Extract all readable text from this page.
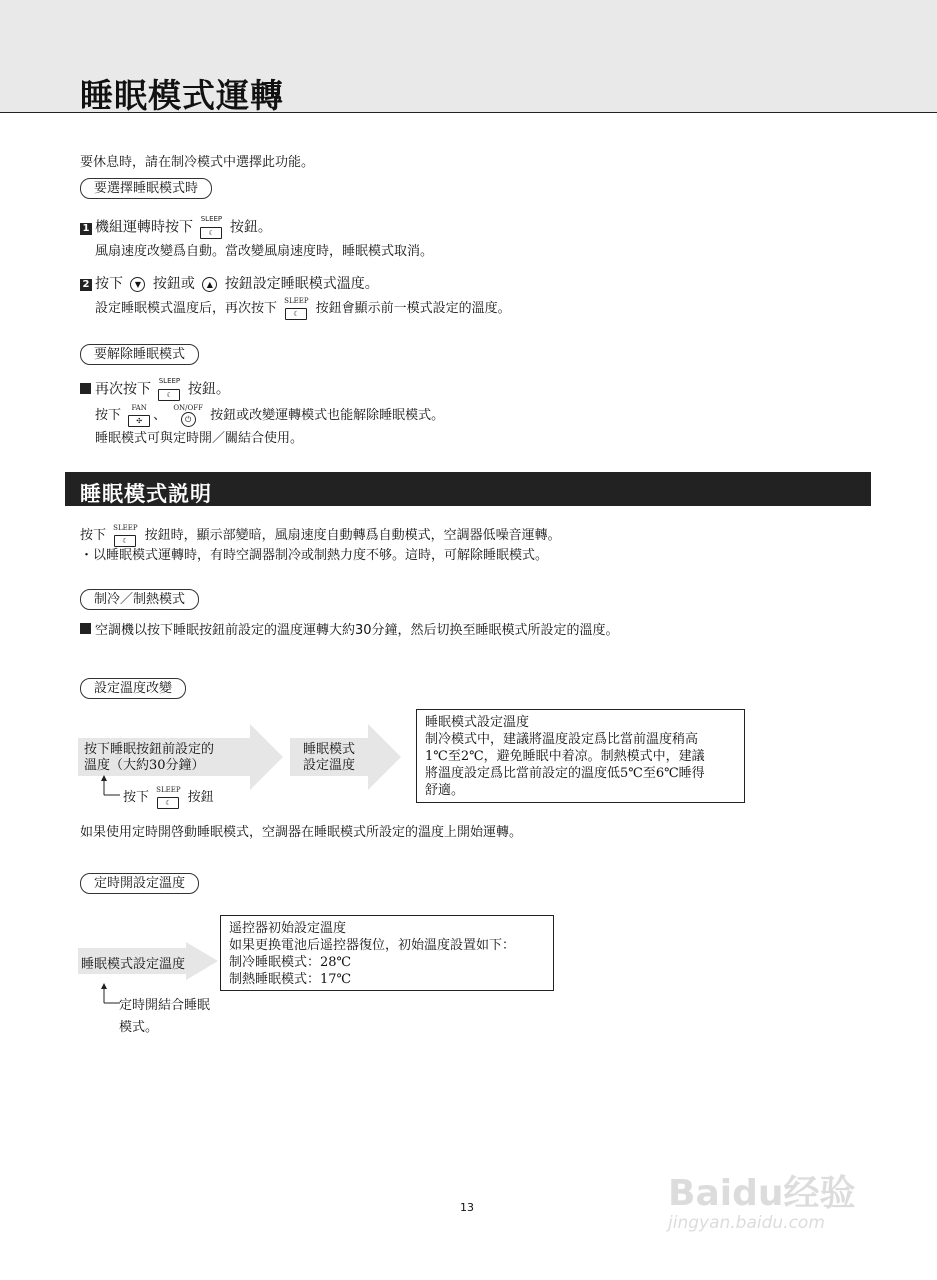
睡眠模式運轉
要休息時，請在制冷模式中選擇此功能。
要選擇睡眠模式時
1 機組運轉時按下
SLEEP
☾ 按鈕。
風扇速度改變爲自動。當改變風扇速度時，睡眠模式取消。
2 按下 ▼ 按鈕或 ▲ 按鈕設定睡眠模式溫度。
設定睡眠模式溫度后，再次按下
SLEEP
☾ 按鈕會顯示前一模式設定的溫度。
要解除睡眠模式
再次按下
SLEEP
☾ 按鈕。
按下
FAN
✣ 、
ON/OFF
⏻ 按鈕或改變運轉模式也能解除睡眠模式。
睡眠模式可與定時開／關結合使用。
睡眠模式説明
按下
SLEEP
☾ 按鈕時，顯示部變暗，風扇速度自動轉爲自動模式，空調器低噪音運轉。
・以睡眠模式運轉時，有時空調器制冷或制熱力度不够。這時，可解除睡眠模式。
制冷／制熱模式
空調機以按下睡眠按鈕前設定的溫度運轉大約30分鐘，然后切换至睡眠模式所設定的溫度。
設定溫度改變
按下睡眠按鈕前設定的
溫度（大約30分鐘）
睡眠模式
設定溫度
按下
SLEEP
☾ 按鈕
睡眠模式設定溫度
制冷模式中，建議將溫度設定爲比當前溫度稍高
1℃至2℃，避免睡眠中着凉。制熱模式中，建議
將溫度設定爲比當前設定的溫度低5℃至6℃睡得
舒適。
如果使用定時開啓動睡眠模式，空調器在睡眠模式所設定的溫度上開始運轉。
定時開設定溫度
睡眠模式設定溫度
定時開結合睡眠
模式。
遥控器初始設定溫度
如果更换電池后遥控器復位，初始溫度設置如下：
制冷睡眠模式：28℃
制熱睡眠模式：17℃
13	Baidu经验
jingyan.baidu.com
